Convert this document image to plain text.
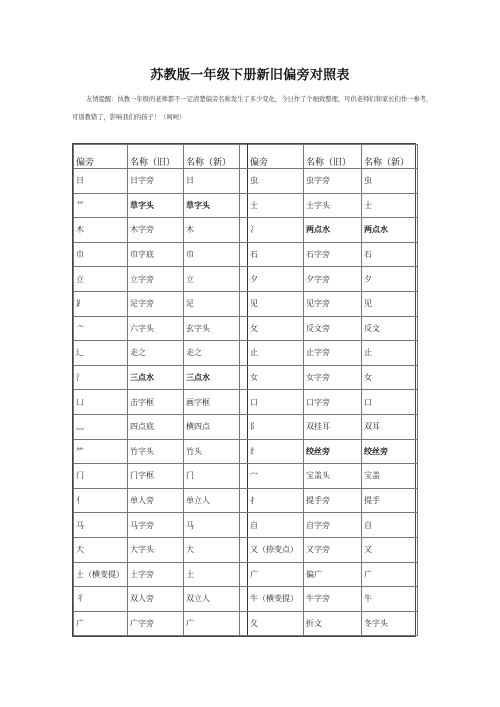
苏教版一年级下册新旧偏旁对照表

友情提醒：执教一年级的老师都不一定清楚偏旁名称发生了多少变化，今日作了个细致整理，可供老师们和家长们作一参考，可别教错了，影响我们的孩子！（呵呵）

偏旁	名称（旧）	名称（新）		偏旁	名称（旧）	名称（新）
日	日字旁	日		虫	虫字旁	虫
艹	草字头	草字头		士	士字头	士
木	木字旁	木		冫	两点水	两点水
巾	巾字底	巾		石	石字旁	石
立	立字旁	立		夕	夕字旁	夕
⻊	足字旁	足		见	见字旁	见
亠	六字头	玄字头		攵	反文旁	反文
辶	走之	走之		止	止字旁	止
氵	三点水	三点水		女	女字旁	女
凵	击字框	画字框		口	口字旁	口
灬	四点底	横四点		阝	双挂耳	双耳
⺮	竹字头	竹头		纟	绞丝旁	绞丝旁
门	门字框	门		宀	宝盖头	宝盖
亻	单人旁	单立人		扌	提手旁	提手
马	马字旁	马		自	自字旁	自
大	大字头	大		又（捺变点）	又字旁	又
土（横变提）	土字旁	土		广	偏广	广
彳	双人旁	双立人		牛（横变提）	牛字旁	牛
广	广字旁	广		夂	折文	冬字头
